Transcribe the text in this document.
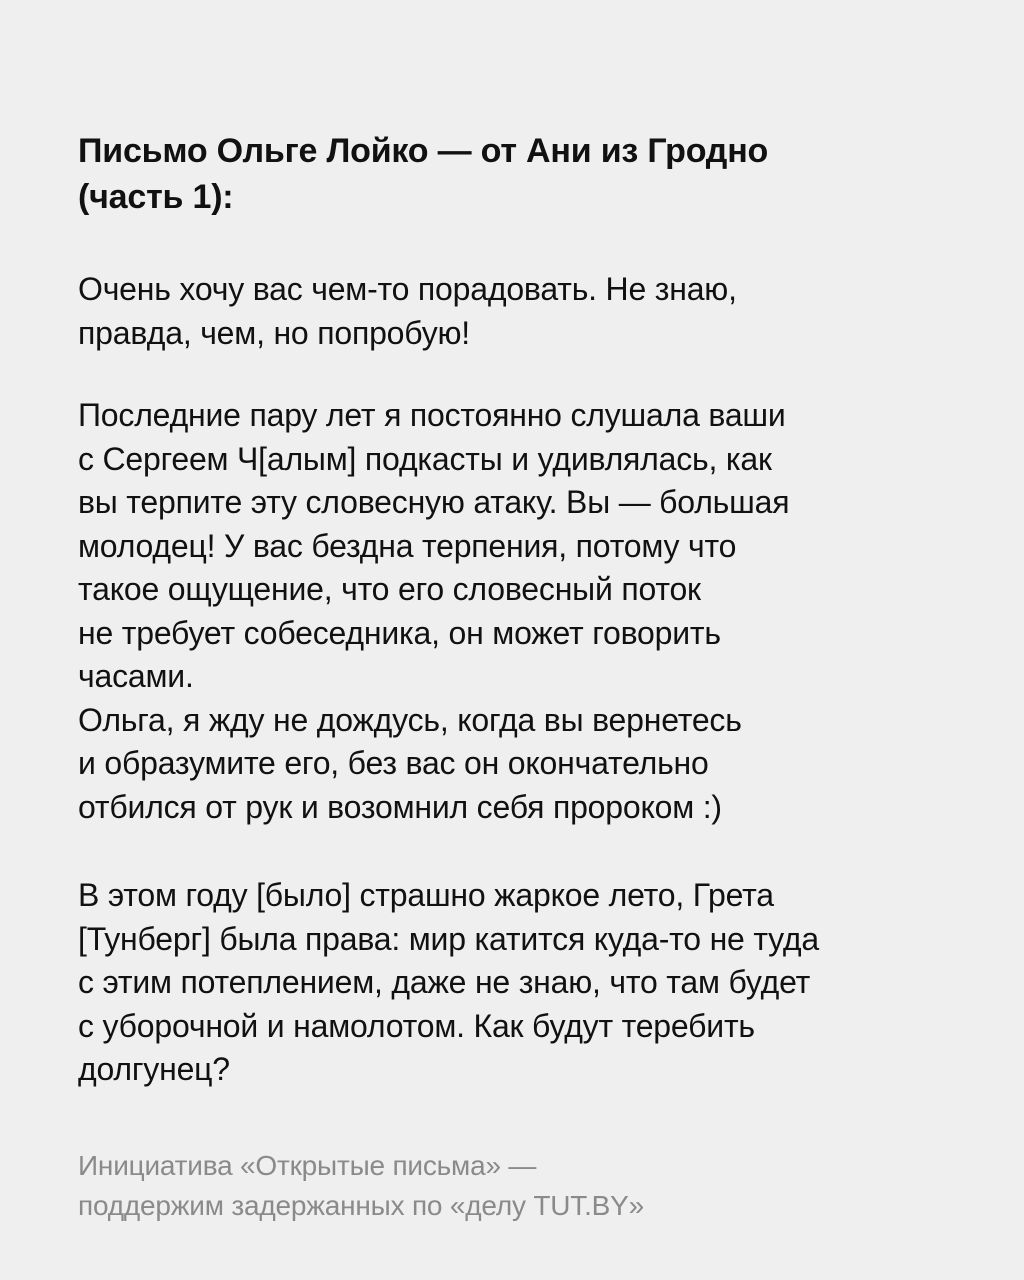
Письмо Ольге Лойко — от Ани из Гродно
(часть 1):

Очень хочу вас чем-то порадовать. Не знаю,
правда, чем, но попробую!

Последние пару лет я постоянно слушала ваши
с Сергеем Ч[алым] подкасты и удивлялась, как
вы терпите эту словесную атаку. Вы — большая
молодец! У вас бездна терпения, потому что
такое ощущение, что его словесный поток
не требует собеседника, он может говорить
часами.
Ольга, я жду не дождусь, когда вы вернетесь
и образумите его, без вас он окончательно
отбился от рук и возомнил себя пророком :)

В этом году [было] страшно жаркое лето, Грета
[Тунберг] была права: мир катится куда-то не туда
с этим потеплением, даже не знаю, что там будет
с уборочной и намолотом. Как будут теребить
долгунец?

Инициатива «Открытые письма» —
поддержим задержанных по «делу TUT.BY»
